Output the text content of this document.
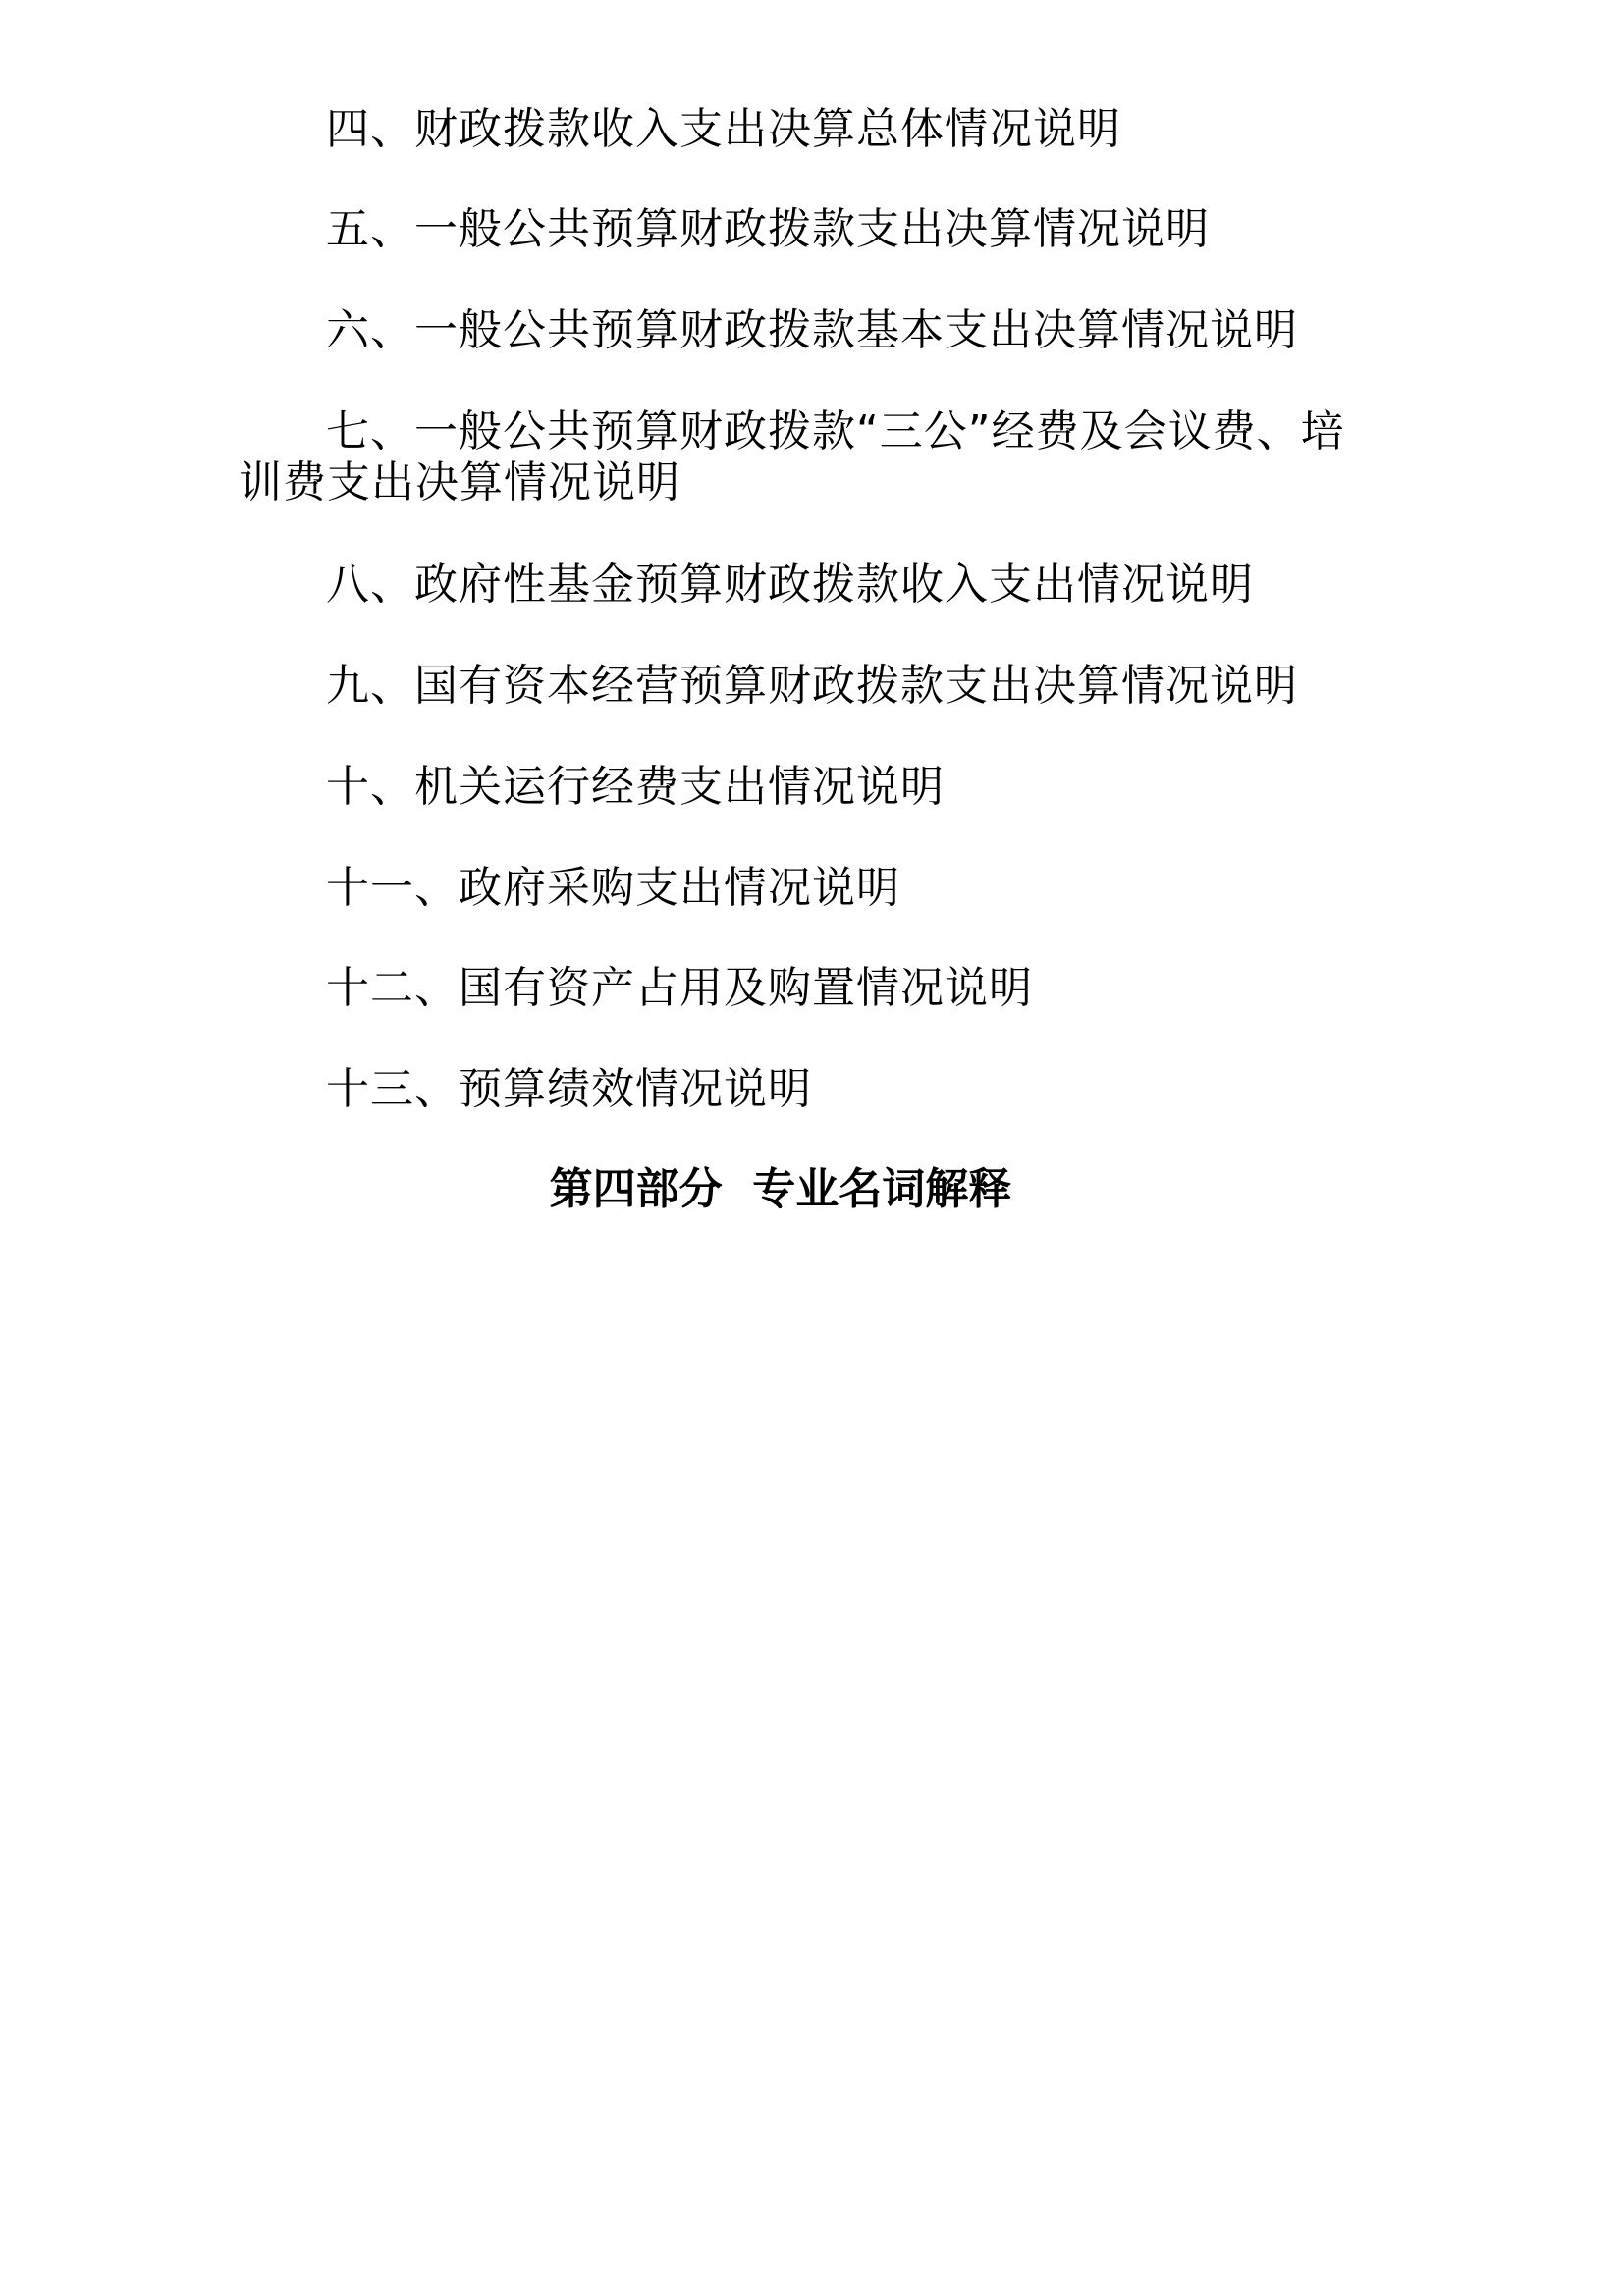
四、财政拨款收入支出决算总体情况说明
五、一般公共预算财政拨款支出决算情况说明
六、一般公共预算财政拨款基本支出决算情况说明
七、一般公共预算财政拨款“三公”经费及会议费、培训费支出决算情况说明
八、政府性基金预算财政拨款收入支出情况说明
九、国有资本经营预算财政拨款支出决算情况说明
十、机关运行经费支出情况说明
十一、政府采购支出情况说明
十二、国有资产占用及购置情况说明
十三、预算绩效情况说明
第四部分  专业名词解释
